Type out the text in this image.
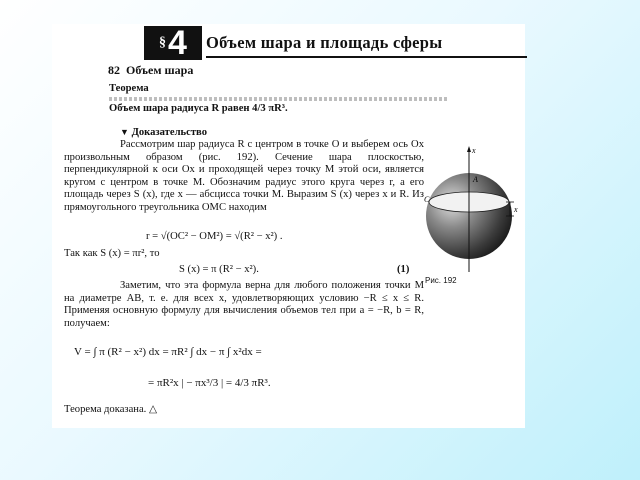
§ 4 Объем шара и площадь сферы
82 Объем шара
Теорема
Объем шара радиуса R равен 4/3 πR³.
▼ Доказательство
Рассмотрим шар радиуса R с центром в точке O и выберем ось Ox произвольным образом (рис. 192). Сечение шара плоскостью, перпендикулярной к оси Ox и проходящей через точку M этой оси, является кругом с центром в точке M. Обозначим радиус этого круга через r, а его площадь через S (x), где x — абсцисса точки M. Выразим S (x) через x и R. Из прямоугольного треугольника OMC находим
r = √(OC² − OM²) = √(R² − x²) .
Так как S (x) = πr², то
S (x) = π (R² − x²).	(1)
Заметим, что эта формула верна для любого положения точки M на диаметре AB, т. е. для всех x, удовлетворяющих условию −R ≤ x ≤ R. Применяя основную формулу для вычисления объемов тел при a = −R, b = R, получаем:
V = ∫ π (R² − x²) dx = πR² ∫ dx − π ∫ x²dx =
= πR²x | − πx³/3 | = 4/3 πR³.
Теорема доказана. △
x
A
C
x
Рис. 192
